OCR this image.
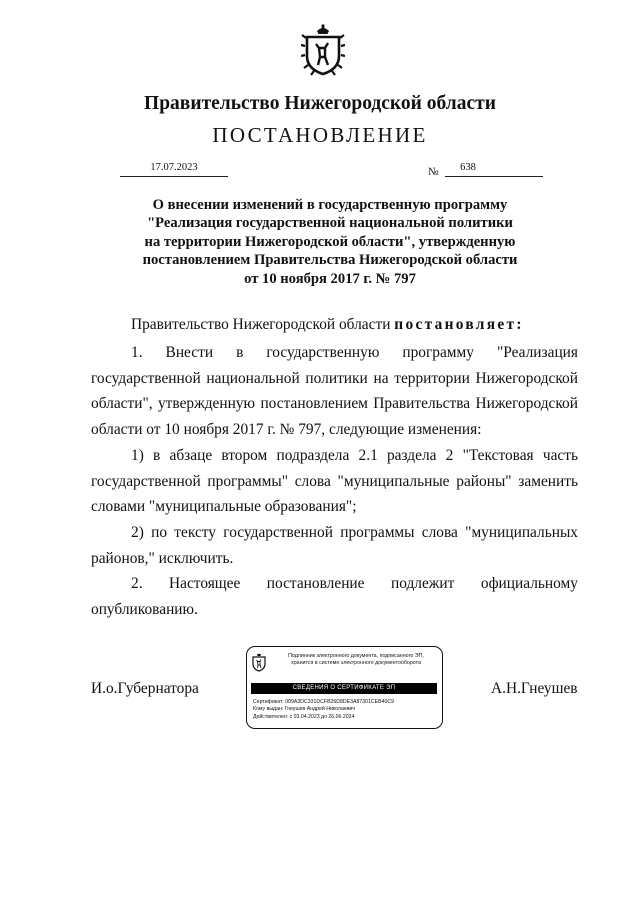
Правительство Нижегородской области
ПОСТАНОВЛЕНИЕ
17.07.2023	№	638
О внесении изменений в государственную программу
"Реализация государственной национальной политики
на территории Нижегородской области", утвержденную
постановлением Правительства Нижегородской области
от 10 ноября 2017 г. № 797
Правительство Нижегородской области постановляет:
1. Внести в государственную программу "Реализация государственной национальной политики на территории Нижегородской области", утвержденную постановлением Правительства Нижегородской области от 10 ноября 2017 г. № 797, следующие изменения:
1) в абзаце втором подраздела 2.1 раздела 2 "Текстовая часть государственной программы" слова "муниципальные районы" заменить словами "муниципальные образования";
2) по тексту государственной программы слова "муниципальных районов," исключить.
2. Настоящее постановление подлежит официальному опубликованию.
И.о.Губернатора
Подлинник электронного документа, подписанного ЭП,
хранится в системе электронного документооборота
СВЕДЕНИЯ О СЕРТИФИКАТЕ ЭП
Сертификат: 009A3DC331DCFB26D8DE3A87301CEB40C9
Кому выдан: Гнеушев Андрей Николаевич
Действителен: с 03.04.2023 до 26.06.2024
А.Н.Гнеушев
